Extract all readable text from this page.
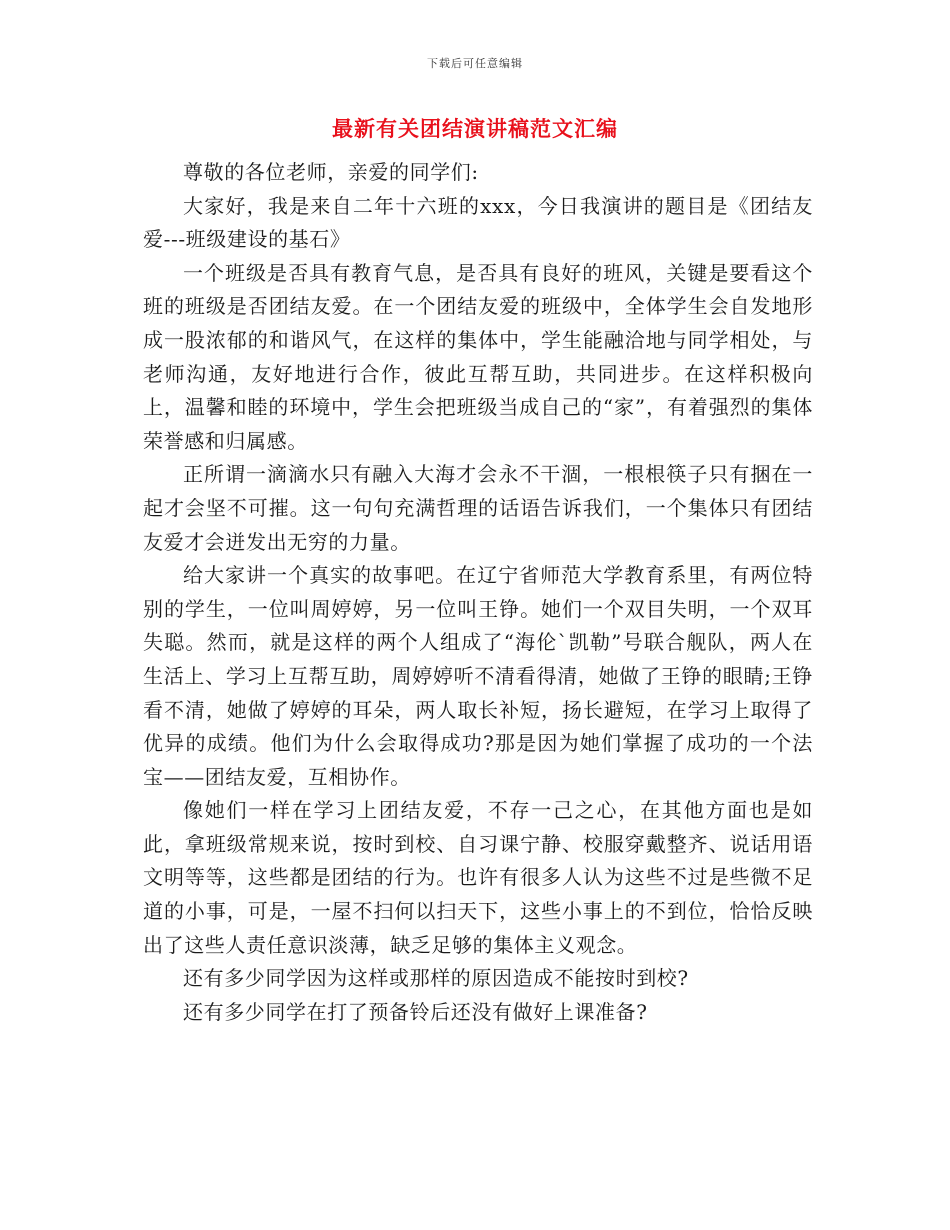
下载后可任意编辑
最新有关团结演讲稿范文汇编

尊敬的各位老师，亲爱的同学们:

大家好，我是来自二年十六班的xxx，今日我演讲的题目是《团结友爱---班级建设的基石》

一个班级是否具有教育气息，是否具有良好的班风，关键是要看这个班的班级是否团结友爱。在一个团结友爱的班级中，全体学生会自发地形成一股浓郁的和谐风气，在这样的集体中，学生能融洽地与同学相处，与老师沟通，友好地进行合作，彼此互帮互助，共同进步。在这样积极向上，温馨和睦的环境中，学生会把班级当成自己的“家”，有着强烈的集体荣誉感和归属感。

正所谓一滴滴水只有融入大海才会永不干涸，一根根筷子只有捆在一起才会坚不可摧。这一句句充满哲理的话语告诉我们，一个集体只有团结友爱才会迸发出无穷的力量。

给大家讲一个真实的故事吧。在辽宁省师范大学教育系里，有两位特别的学生，一位叫周婷婷，另一位叫王铮。她们一个双目失明，一个双耳失聪。然而，就是这样的两个人组成了“海伦`凯勒”号联合舰队，两人在生活上、学习上互帮互助，周婷婷听不清看得清，她做了王铮的眼睛;王铮看不清，她做了婷婷的耳朵，两人取长补短，扬长避短，在学习上取得了优异的成绩。他们为什么会取得成功?那是因为她们掌握了成功的一个法宝——团结友爱，互相协作。

像她们一样在学习上团结友爱，不存一己之心，在其他方面也是如此，拿班级常规来说，按时到校、自习课宁静、校服穿戴整齐、说话用语文明等等，这些都是团结的行为。也许有很多人认为这些不过是些微不足道的小事，可是，一屋不扫何以扫天下，这些小事上的不到位，恰恰反映出了这些人责任意识淡薄，缺乏足够的集体主义观念。

还有多少同学因为这样或那样的原因造成不能按时到校?

还有多少同学在打了预备铃后还没有做好上课准备?
